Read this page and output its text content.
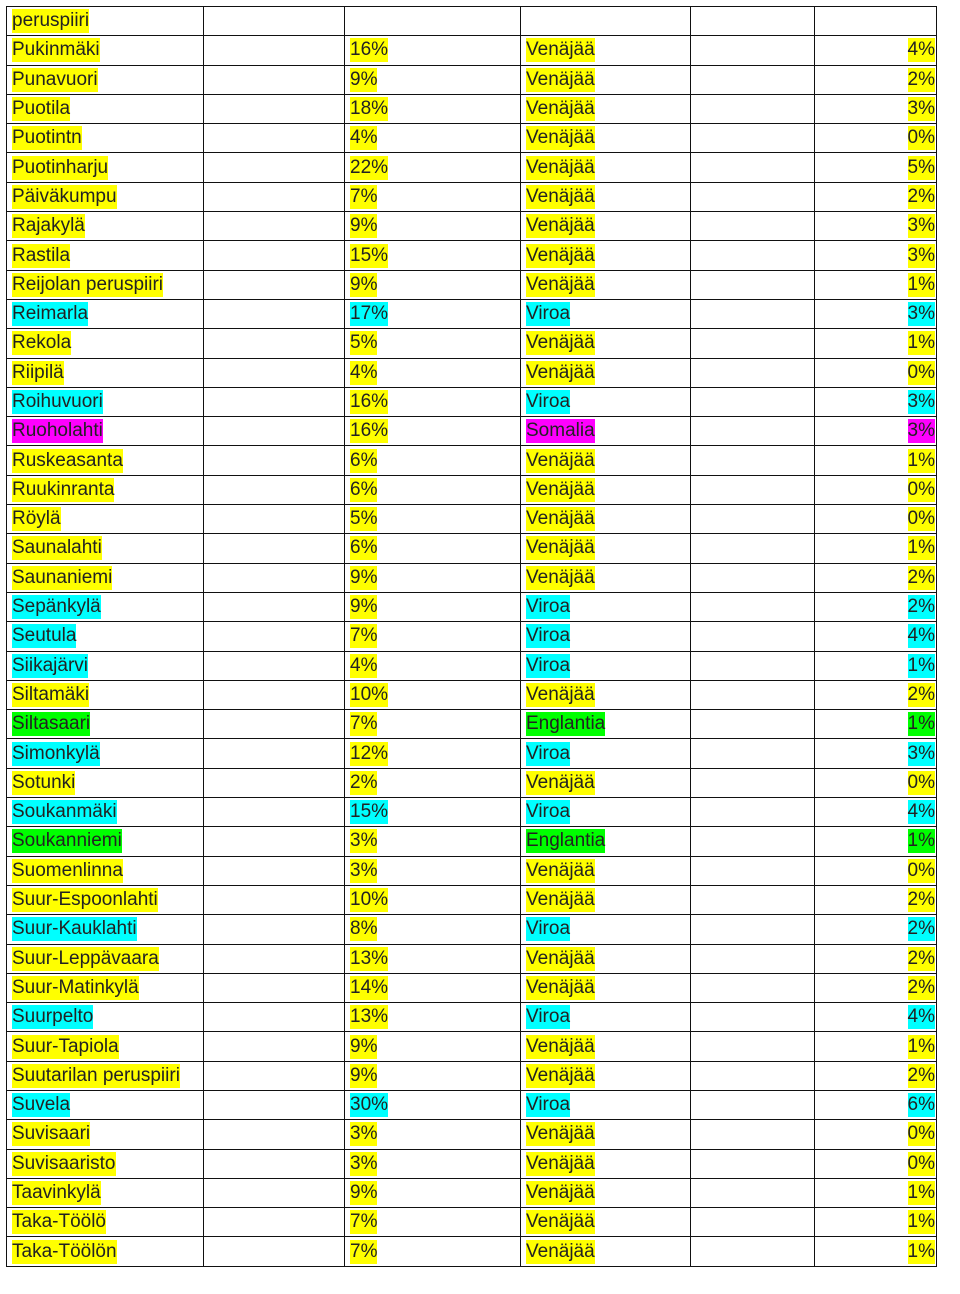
peruspiiri					
Pukinmäki		16%	Venäjää		4%
Punavuori		9%	Venäjää		2%
Puotila		18%	Venäjää		3%
Puotintn		4%	Venäjää		0%
Puotinharju		22%	Venäjää		5%
Päiväkumpu		7%	Venäjää		2%
Rajakylä		9%	Venäjää		3%
Rastila		15%	Venäjää		3%
Reijolan peruspiiri		9%	Venäjää		1%
Reimarla		17%	Viroa		3%
Rekola		5%	Venäjää		1%
Riipilä		4%	Venäjää		0%
Roihuvuori		16%	Viroa		3%
Ruoholahti		16%	Somalia		3%
Ruskeasanta		6%	Venäjää		1%
Ruukinranta		6%	Venäjää		0%
Röylä		5%	Venäjää		0%
Saunalahti		6%	Venäjää		1%
Saunaniemi		9%	Venäjää		2%
Sepänkylä		9%	Viroa		2%
Seutula		7%	Viroa		4%
Siikajärvi		4%	Viroa		1%
Siltamäki		10%	Venäjää		2%
Siltasaari		7%	Englantia		1%
Simonkylä		12%	Viroa		3%
Sotunki		2%	Venäjää		0%
Soukanmäki		15%	Viroa		4%
Soukanniemi		3%	Englantia		1%
Suomenlinna		3%	Venäjää		0%
Suur-Espoonlahti		10%	Venäjää		2%
Suur-Kauklahti		8%	Viroa		2%
Suur-Leppävaara		13%	Venäjää		2%
Suur-Matinkylä		14%	Venäjää		2%
Suurpelto		13%	Viroa		4%
Suur-Tapiola		9%	Venäjää		1%
Suutarilan peruspiiri		9%	Venäjää		2%
Suvela		30%	Viroa		6%
Suvisaari		3%	Venäjää		0%
Suvisaaristo		3%	Venäjää		0%
Taavinkylä		9%	Venäjää		1%
Taka-Töölö		7%	Venäjää		1%
Taka-Töölön		7%	Venäjää		1%
